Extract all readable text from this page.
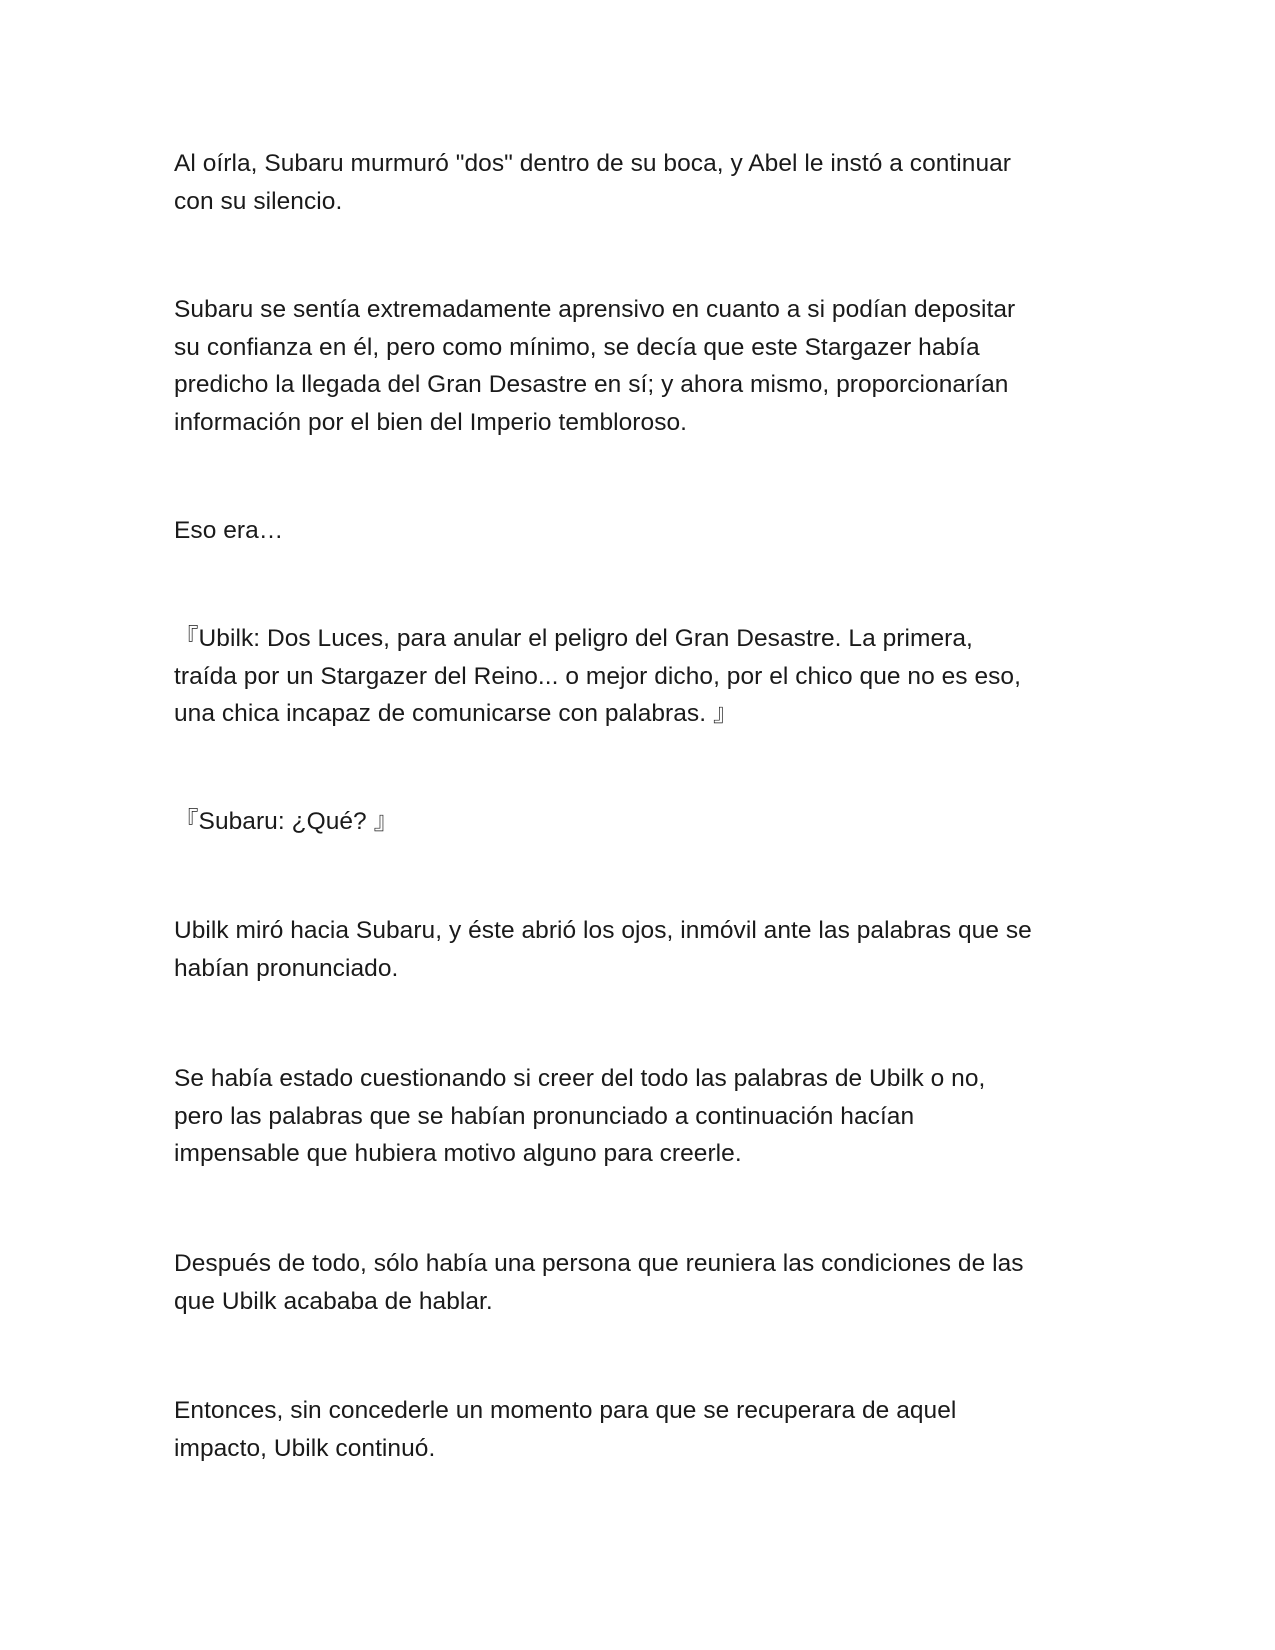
Al oírla, Subaru murmuró "dos" dentro de su boca, y Abel le instó a continuar
con su silencio.

Subaru se sentía extremadamente aprensivo en cuanto a si podían depositar
su confianza en él, pero como mínimo, se decía que este Stargazer había
predicho la llegada del Gran Desastre en sí; y ahora mismo, proporcionarían
información por el bien del Imperio tembloroso.

Eso era…

『Ubilk: Dos Luces, para anular el peligro del Gran Desastre. La primera,
traída por un Stargazer del Reino... o mejor dicho, por el chico que no es eso,
una chica incapaz de comunicarse con palabras. 』

『Subaru: ¿Qué? 』

Ubilk miró hacia Subaru, y éste abrió los ojos, inmóvil ante las palabras que se
habían pronunciado.

Se había estado cuestionando si creer del todo las palabras de Ubilk o no,
pero las palabras que se habían pronunciado a continuación hacían
impensable que hubiera motivo alguno para creerle.

Después de todo, sólo había una persona que reuniera las condiciones de las
que Ubilk acababa de hablar.

Entonces, sin concederle un momento para que se recuperara de aquel
impacto, Ubilk continuó.
